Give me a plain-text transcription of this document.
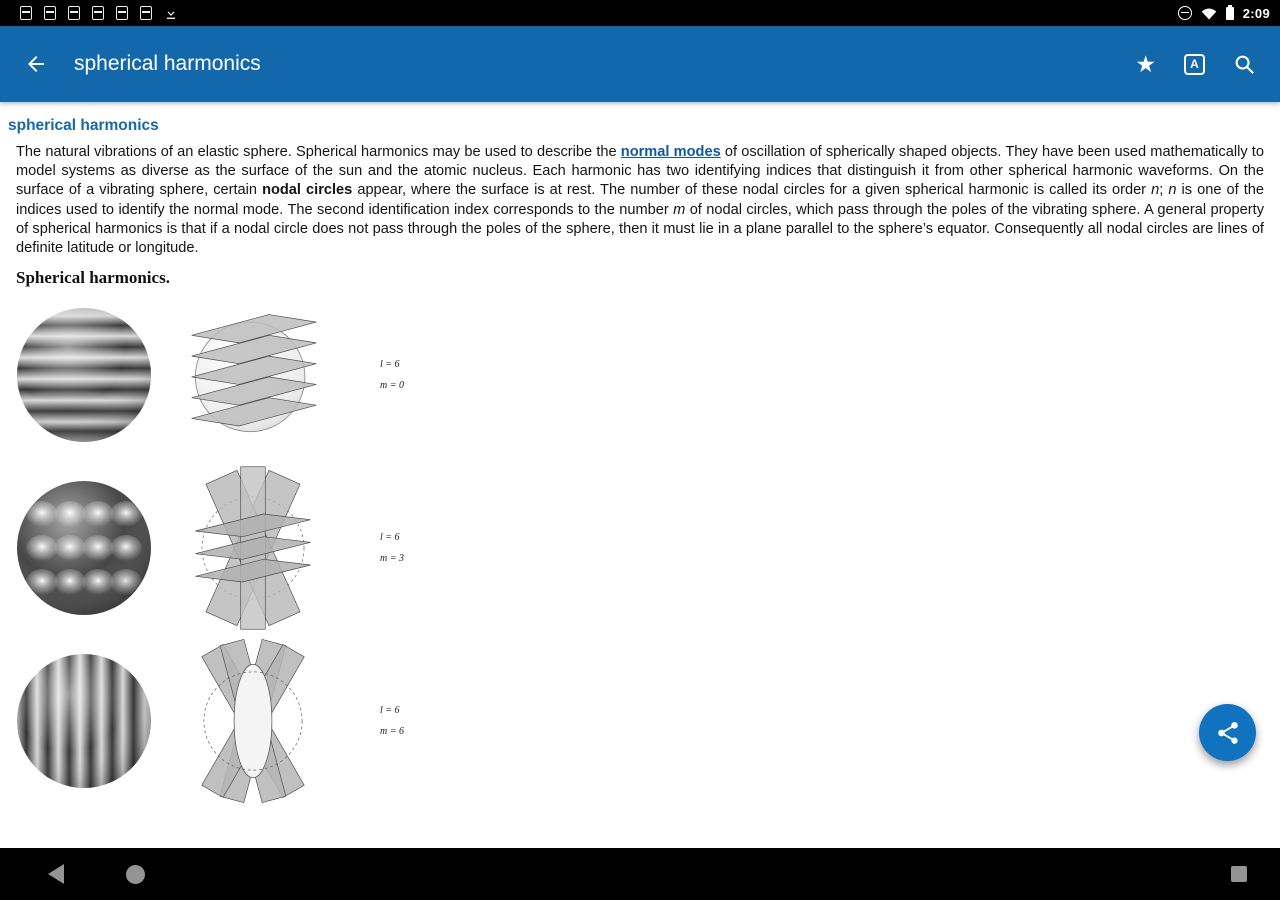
2:09
spherical harmonics	★	A
spherical harmonics

The natural vibrations of an elastic sphere. Spherical harmonics may be used to describe the normal modes of oscillation of spherically shaped objects. They have been used mathematically to model systems as diverse as the surface of the sun and the atomic nucleus. Each harmonic has two identifying indices that distinguish it from other spherical harmonic waveforms. On the surface of a vibrating sphere, certain nodal circles appear, where the surface is at rest. The number of these nodal circles for a given spherical harmonic is called its order n; n is one of the indices used to identify the normal mode. The second identification index corresponds to the number m of nodal circles, which pass through the poles of the vibrating sphere. A general property of spherical harmonics is that if a nodal circle does not pass through the poles of the sphere, then it must lie in a plane parallel to the sphere’s equator. Consequently all nodal circles are lines of definite latitude or longitude.

Spherical harmonics.
l = 6
m = 0
l = 6
m = 3
l = 6
m = 6
